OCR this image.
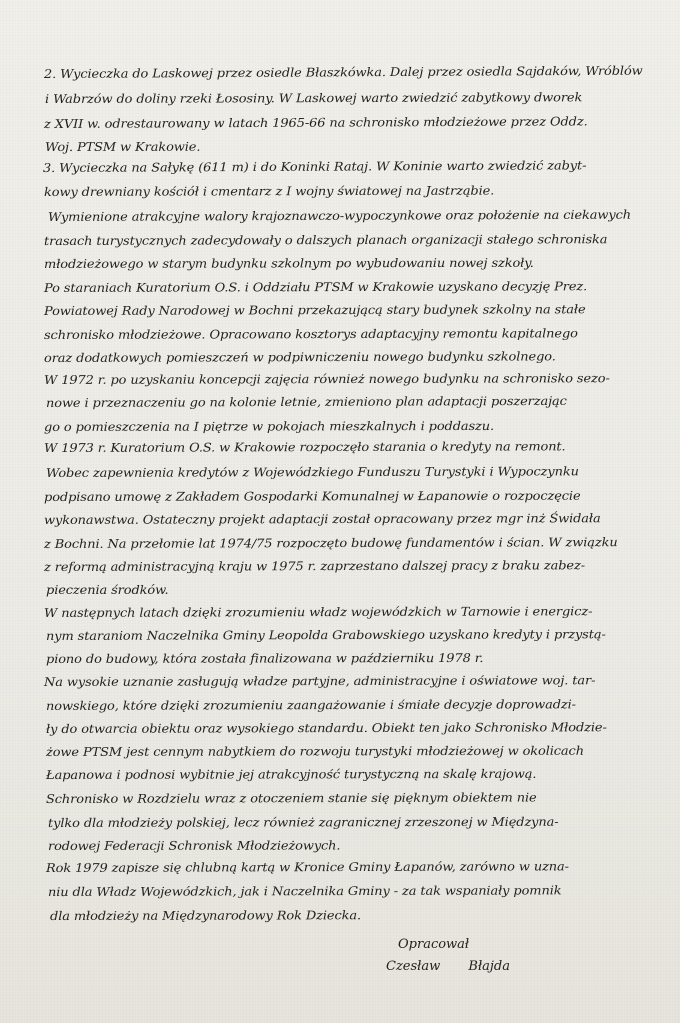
2. Wycieczka do Laskowej przez osiedle Błaszkówka. Dalej przez osiedla Sajdaków, Wróblów
i Wabrzów do doliny rzeki Łososiny. W Laskowej warto zwiedzić zabytkowy dworek
z XVII w. odrestaurowany w latach 1965-66 na schronisko młodzieżowe przez Oddz.
Woj. PTSM w Krakowie.
3. Wycieczka na Sałykę (611 m) i do Koninki Rataj. W Koninie warto zwiedzić zabyt-
kowy drewniany kościół i cmentarz z I wojny światowej na Jastrząbie.
Wymienione atrakcyjne walory krajoznawczo-wypoczynkowe oraz położenie na ciekawych
trasach turystycznych zadecydowały o dalszych planach organizacji stałego schroniska
młodzieżowego w starym budynku szkolnym po wybudowaniu nowej szkoły.
Po staraniach Kuratorium O.S. i Oddziału PTSM w Krakowie uzyskano decyzję Prez.
Powiatowej Rady Narodowej w Bochni przekazującą stary budynek szkolny na stałe
schronisko młodzieżowe. Opracowano kosztorys adaptacyjny remontu kapitalnego
oraz dodatkowych pomieszczeń w podpiwniczeniu nowego budynku szkolnego.
W 1972 r. po uzyskaniu koncepcji zajęcia również nowego budynku na schronisko sezo-
nowe i przeznaczeniu go na kolonie letnie, zmieniono plan adaptacji poszerzając
go o pomieszczenia na I piętrze w pokojach mieszkalnych i poddaszu.
W 1973 r. Kuratorium O.S. w Krakowie rozpoczęło starania o kredyty na remont.
Wobec zapewnienia kredytów z Wojewódzkiego Funduszu Turystyki i Wypoczynku
podpisano umowę z Zakładem Gospodarki Komunalnej w Łapanowie o rozpoczęcie
wykonawstwa. Ostateczny projekt adaptacji został opracowany przez mgr inż Świdała
z Bochni. Na przełomie lat 1974/75 rozpoczęto budowę fundamentów i ścian. W związku
z reformą administracyjną kraju w 1975 r. zaprzestano dalszej pracy z braku zabez-
pieczenia środków.
W następnych latach dzięki zrozumieniu władz wojewódzkich w Tarnowie i energicz-
nym staraniom Naczelnika Gminy Leopolda Grabowskiego uzyskano kredyty i przystą-
piono do budowy, która została finalizowana w październiku 1978 r.
Na wysokie uznanie zasługują władze partyjne, administracyjne i oświatowe woj. tar-
nowskiego, które dzięki zrozumieniu zaangażowanie i śmiałe decyzje doprowadzi-
ły do otwarcia obiektu oraz wysokiego standardu. Obiekt ten jako Schronisko Młodzie-
żowe PTSM jest cennym nabytkiem do rozwoju turystyki młodzieżowej w okolicach
Łapanowa i podnosi wybitnie jej atrakcyjność turystyczną na skalę krajową.
Schronisko w Rozdzielu wraz z otoczeniem stanie się pięknym obiektem nie
tylko dla młodzieży polskiej, lecz również zagranicznej zrzeszonej w Międzyna-
rodowej Federacji Schronisk Młodzieżowych.
Rok 1979 zapisze się chlubną kartą w Kronice Gminy Łapanów, zarówno w uzna-
niu dla Władz Wojewódzkich, jak i Naczelnika Gminy - za tak wspaniały pomnik
dla młodzieży na Międzynarodowy Rok Dziecka.
Opracował
Czesław Błajda
